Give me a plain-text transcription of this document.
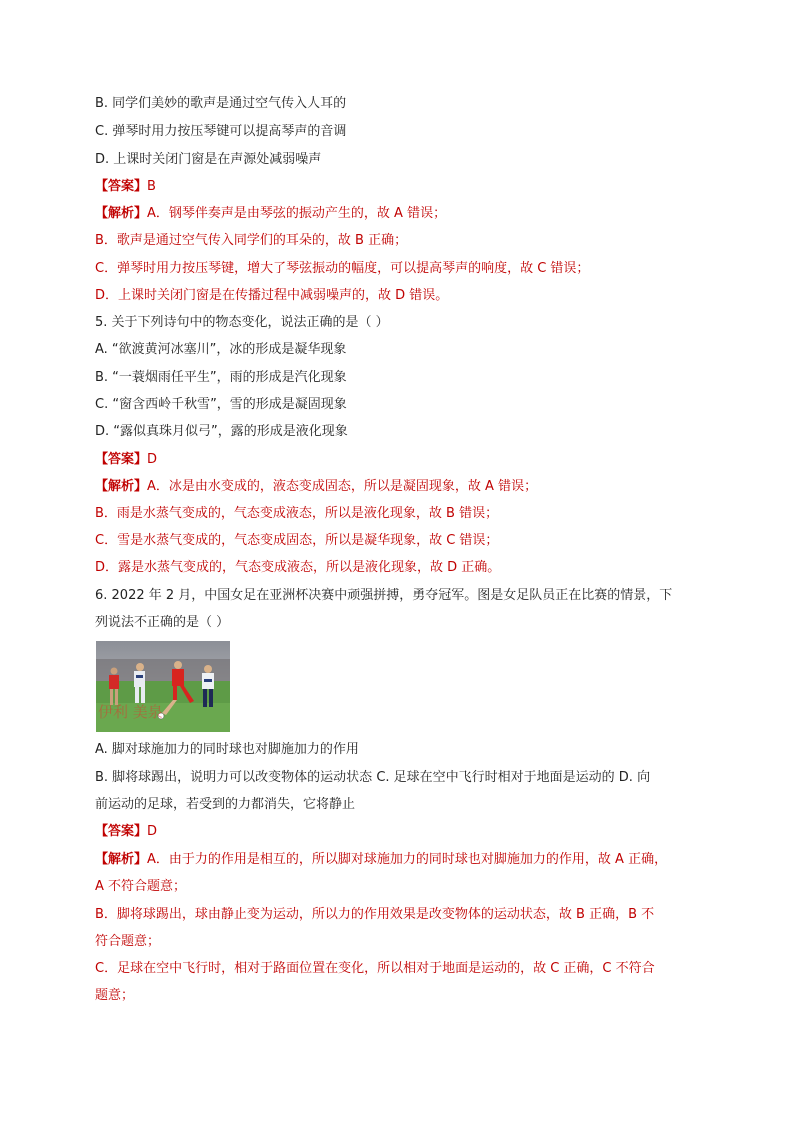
B. 同学们美妙的歌声是通过空气传入人耳的
C. 弹琴时用力按压琴键可以提高琴声的音调
D. 上课时关闭门窗是在声源处减弱噪声
【答案】B
【解析】A．钢琴伴奏声是由琴弦的振动产生的，故 A 错误；
B．歌声是通过空气传入同学们的耳朵的，故 B 正确；
C．弹琴时用力按压琴键，增大了琴弦振动的幅度，可以提高琴声的响度，故 C 错误；
D．上课时关闭门窗是在传播过程中减弱噪声的，故 D 错误。
5. 关于下列诗句中的物态变化，说法正确的是（ ）
A. “欲渡黄河冰塞川”，冰的形成是凝华现象
B. “一蓑烟雨任平生”，雨的形成是汽化现象
C. “窗含西岭千秋雪”，雪的形成是凝固现象
D. “露似真珠月似弓”，露的形成是液化现象
【答案】D
【解析】A．冰是由水变成的，液态变成固态，所以是凝固现象，故 A 错误；
B．雨是水蒸气变成的，气态变成液态，所以是液化现象，故 B 错误；
C．雪是水蒸气变成的，气态变成固态，所以是凝华现象，故 C 错误；
D．露是水蒸气变成的，气态变成液态，所以是液化现象，故 D 正确。
6. 2022 年 2 月，中国女足在亚洲杯决赛中顽强拼搏，勇夺冠军。图是女足队员正在比赛的情景，下
列说法不正确的是（ ）
伊利 美泉
A. 脚对球施加力的同时球也对脚施加力的作用
B. 脚将球踢出，说明力可以改变物体的运动状态 C. 足球在空中飞行时相对于地面是运动的 D. 向
前运动的足球，若受到的力都消失，它将静止
【答案】D
【解析】A．由于力的作用是相互的，所以脚对球施加力的同时球也对脚施加力的作用，故 A 正确，
A 不符合题意；
B．脚将球踢出，球由静止变为运动，所以力的作用效果是改变物体的运动状态，故 B 正确，B 不
符合题意；
C．足球在空中飞行时，相对于路面位置在变化，所以相对于地面是运动的，故 C 正确，C 不符合
题意；
